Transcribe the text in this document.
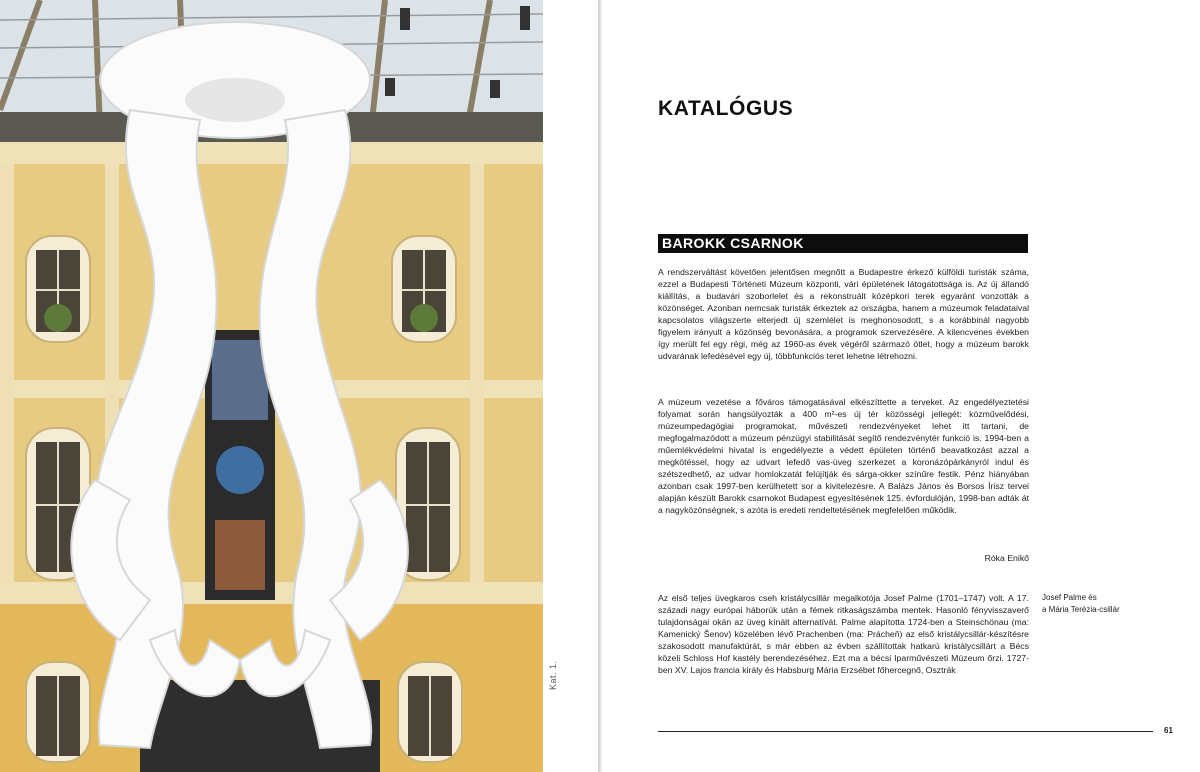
Kat. 1.
KATALÓGUS
BAROKK CSARNOK

A rendszerváltást követően jelentősen megnőtt a Budapestre érkező külföldi turisták száma, ezzel a Budapesti Történeti Múzeum központi, vári épületének látogatottsága is. Az új állandó kiállítás, a budavári szoborlelet és a rekonstruált középkori terek egyaránt vonzották a közönséget. Azonban nemcsak turisták érkeztek az országba, hanem a múzeumok feladataival kapcsolatos világszerte elterjedt új szemlélet is meghonosodott, s a korábbinál nagyobb figyelem irányult a közönség bevonására, a programok szervezésére. A kilencvenes években így merült fel egy régi, még az 1960-as évek végéről származó ötlet, hogy a múzeum barokk udvarának lefedésével egy új, többfunkciós teret lehetne létrehozni.

A múzeum vezetése a főváros támogatásával elkészíttette a terveket. Az engedélyeztetési folyamat során hangsúlyozták a 400 m²-es új tér közösségi jellegét: közművelődési, múzeumpedagógiai programokat, művészeti rendezvényeket lehet itt tartani, de megfogalmazódott a múzeum pénzügyi stabilitását segítő rendezvénytér funkció is. 1994-ben a műemlékvédelmi hivatal is engedélyezte a védett épületen történő beavatkozást azzal a megkötéssel, hogy az udvart lefedő vas-üveg szerkezet a koronázópárkányról indul és szétszedhető, az udvar homlokzatát felújítják és sárga-okker színűre festik. Pénz hiányában azonban csak 1997-ben kerülhetett sor a kivitelezésre. A Balázs János és Borsos Írisz tervei alapján készült Barokk csarnokot Budapest egyesítésének 125. évfordulóján, 1998-ban adták át a nagyközönségnek, s azóta is eredeti rendeltetésének megfelelően működik.

Róka Enikő

Az első teljes üvegkaros cseh kristálycsillár megalkotója Josef Palme (1701–1747) volt. A 17. századi nagy európai háborúk után a fémek ritkaságszámba mentek. Hasonló fényvisszaverő tulajdonságai okán az üveg kínált alternatívát. Palme alapította 1724-ben a Steinschönau (ma: Kamenický Šenov) közelében lévő Prachenben (ma: Prácheň) az első kristálycsillár-készítésre szakosodott manufaktúrát, s már ebben az évben szállítottak hatkarú kristálycsillárt a Bécs közeli Schloss Hof kastély berendezéséhez. Ezt ma a bécsi Iparművészeti Múzeum őrzi. 1727-ben XV. Lajos francia király és Habsburg Mária Erzsébet főhercegnő, Osztrák

Josef Palme és
a Mária Terézia-csillár
61
